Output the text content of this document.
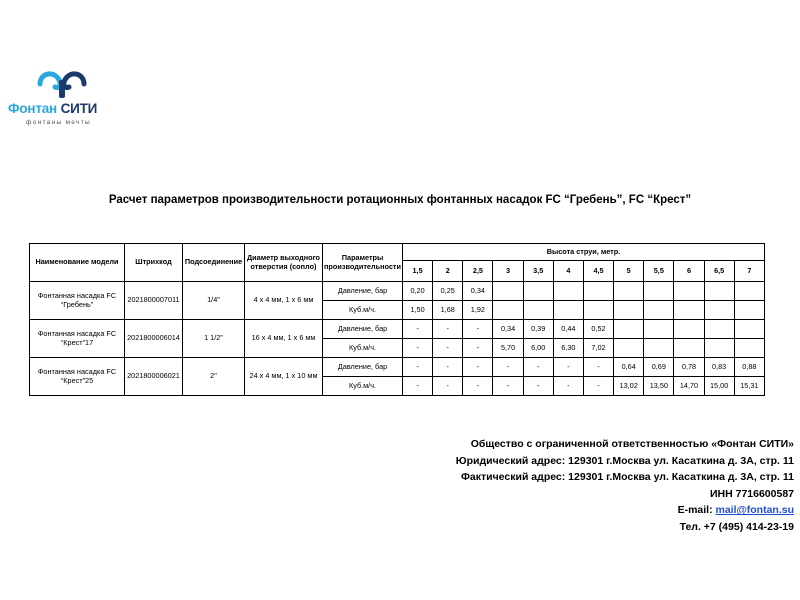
Фонтан СИТИ
фонтаны мечты
Расчет параметров производительности ротационных фонтанных насадок FC “Гребень”, FC “Крест”
Наименование модели	Штрихкод	Подсоединение	Диаметр выходного отверстия (сопло)	Параметры производительности	Высота струи, метр.											
					1,5	2	2,5	3	3,5	4	4,5	5	5,5	6	6,5	7
Фонтанная насадка FC “Гребень”	2021800007011	1/4"	4 х 4 мм, 1 х 6 мм	Давление, бар	0,20	0,25	0,34									
				Куб.м/ч.	1,50	1,68	1,92									
Фонтанная насадка FC “Крест”17	2021800006014	1 1/2"	16 х 4 мм, 1 х 6 мм	Давление, бар	-	-	-	0,34	0,39	0,44	0,52					
				Куб.м/ч.	-	-	-	5,70	6,00	6,30	7,02					
Фонтанная насадка FC “Крест”25	2021800006021	2"	24 х 4 мм, 1 х 10 мм	Давление, бар	-	-	-	-	-	-	-	0,64	0,69	0,78	0,83	0,88
				Куб.м/ч.	-	-	-	-	-	-	-	13,02	13,50	14,70	15,00	15,31
Общество с ограниченной ответственностью «Фонтан СИТИ»
Юридический адрес: 129301 г.Москва ул. Касаткина д. 3А, стр. 11
Фактический адрес: 129301 г.Москва ул. Касаткина д. 3А, стр. 11
ИНН 7716600587
E-mail: mail@fontan.su
Тел. +7 (495) 414-23-19
